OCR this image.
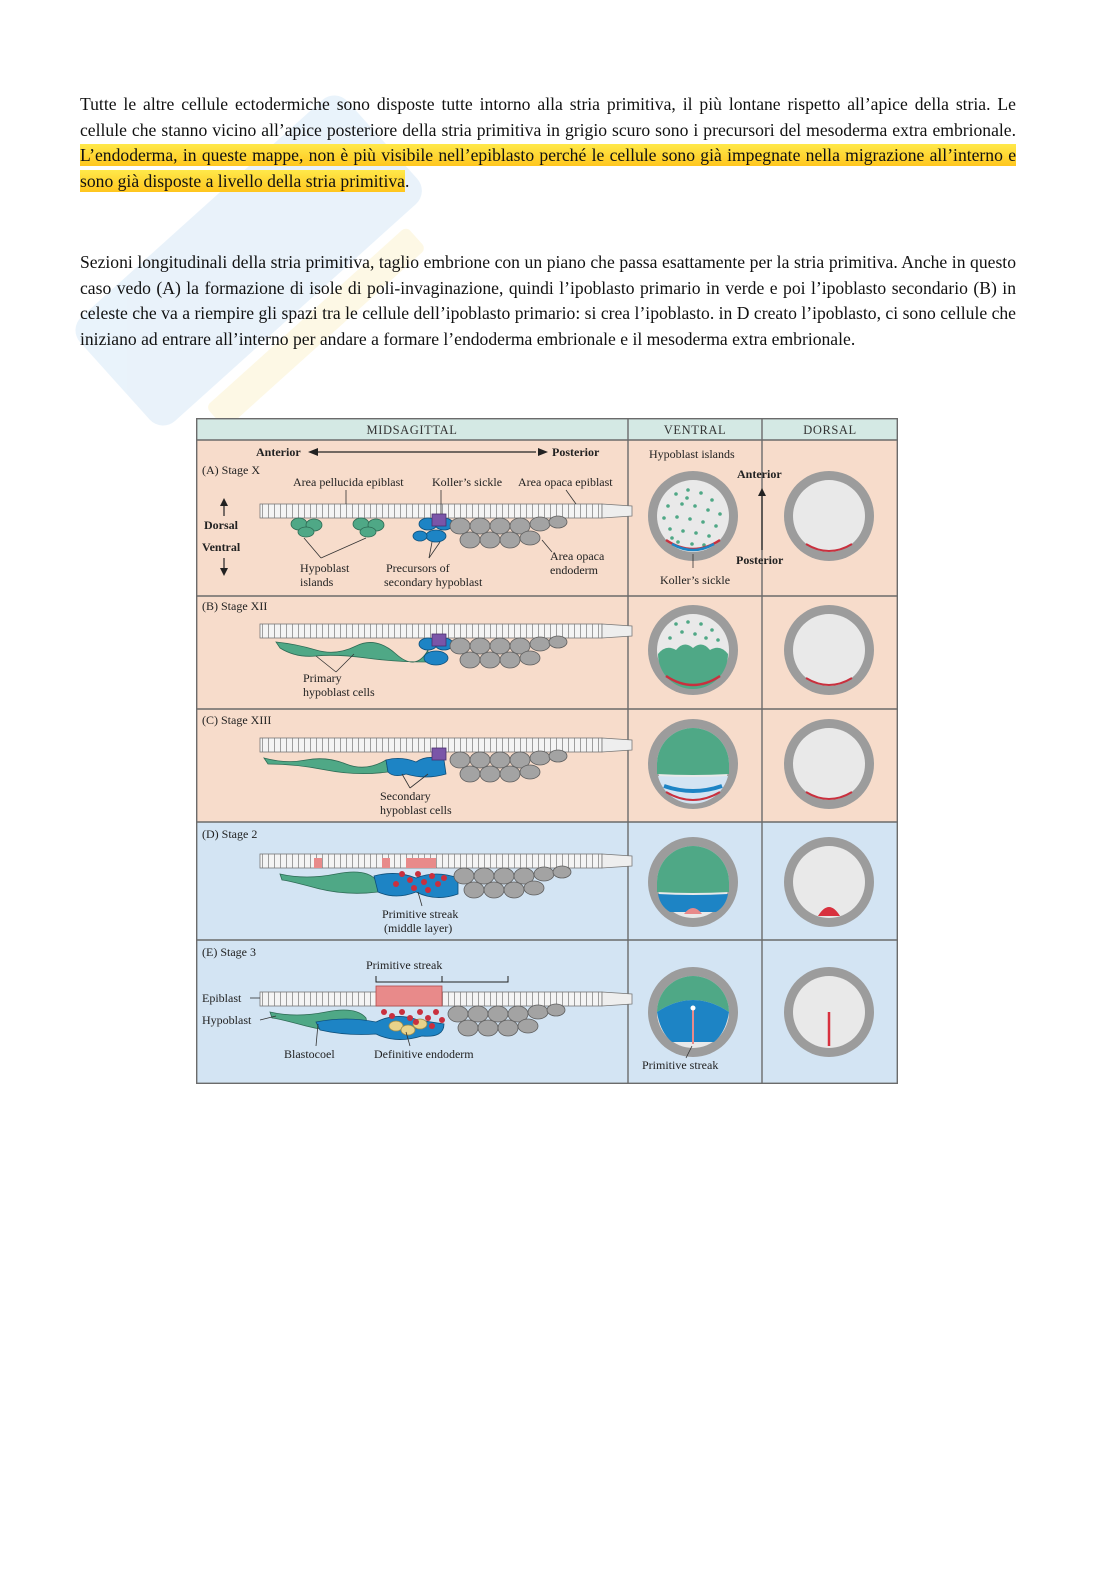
Tutte le altre cellule ectodermiche sono disposte tutte intorno alla stria primitiva, il più lontane rispetto all’apice della stria. Le cellule che stanno vicino all’apice posteriore della stria primitiva in grigio scuro sono i precursori del mesoderma extra embrionale. L’endoderma, in queste mappe, non è più visibile nell’epiblasto perché le cellule sono già impegnate nella migrazione all’interno e sono già disposte a livello della stria primitiva.
Sezioni longitudinali della stria primitiva, taglio embrione con un piano che passa esattamente per la stria primitiva. Anche in questo caso vedo (A) la formazione di isole di poli-invaginazione, quindi l’ipoblasto primario in verde e poi l’ipoblasto secondario (B) in celeste che va a riempire gli spazi tra le cellule dell’ipoblasto primario: si crea l’ipoblasto. in D creato l’ipoblasto, ci sono cellule che iniziano ad entrare all’interno per andare a formare l’endoderma embrionale e il mesoderma extra embrionale.
MIDSAGITTAL	VENTRAL	DORSAL
Anterior	Posterior
(A) Stage X
Dorsal
Ventral
Area pellucida epiblast Koller’s sickle Area opaca epiblast
Hypoblast
islands
Precursors of
secondary hypoblast
Area opaca
endoderm
Hypoblast islands
Koller’s sickle
Anterior
Posterior
(B) Stage XII
Primary
hypoblast cells
(C) Stage XIII
Secondary
hypoblast cells
(D) Stage 2
Primitive streak
(middle layer)
(E) Stage 3
Primitive streak
Epiblast
Hypoblast
Blastocoel	Definitive endoderm
Primitive streak
